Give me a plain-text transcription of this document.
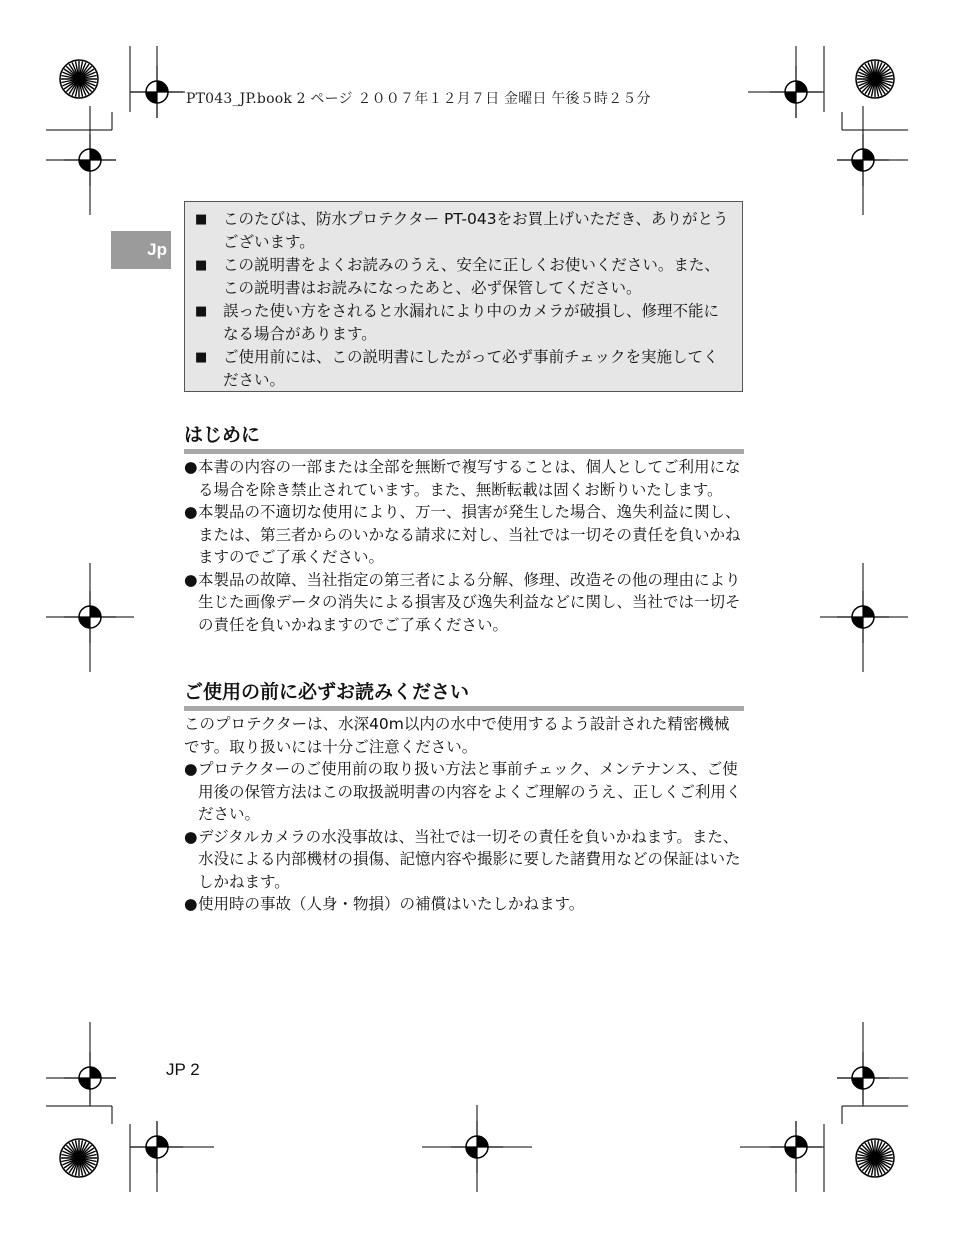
PT043_JP.book 2 ページ ２００７年１２月７日 金曜日 午後５時２５分
Jp
■	このたびは、防水プロテクター PT-043をお買上げいただき、ありがとうございます。
■	この説明書をよくお読みのうえ、安全に正しくお使いください。また、この説明書はお読みになったあと、必ず保管してください。
■	誤った使い方をされると水漏れにより中のカメラが破損し、修理不能になる場合があります。
■	ご使用前には、この説明書にしたがって必ず事前チェックを実施してください。
はじめに
● 本書の内容の一部または全部を無断で複写することは、個人としてご利用になる場合を除き禁止されています。また、無断転載は固くお断りいたします。
● 本製品の不適切な使用により、万一、損害が発生した場合、逸失利益に関し、または、第三者からのいかなる請求に対し、当社では一切その責任を負いかねますのでご了承ください。
● 本製品の故障、当社指定の第三者による分解、修理、改造その他の理由により生じた画像データの消失による損害及び逸失利益などに関し、当社では一切その責任を負いかねますのでご了承ください。
ご使用の前に必ずお読みください

このプロテクターは、水深40m以内の水中で使用するよう設計された精密機械です。取り扱いには十分ご注意ください。

● プロテクターのご使用前の取り扱い方法と事前チェック、メンテナンス、ご使用後の保管方法はこの取扱説明書の内容をよくご理解のうえ、正しくご利用ください。
● デジタルカメラの水没事故は、当社では一切その責任を負いかねます。また、水没による内部機材の損傷、記憶内容や撮影に要した諸費用などの保証はいたしかねます。
● 使用時の事故（人身・物損）の補償はいたしかねます。
JP 2
